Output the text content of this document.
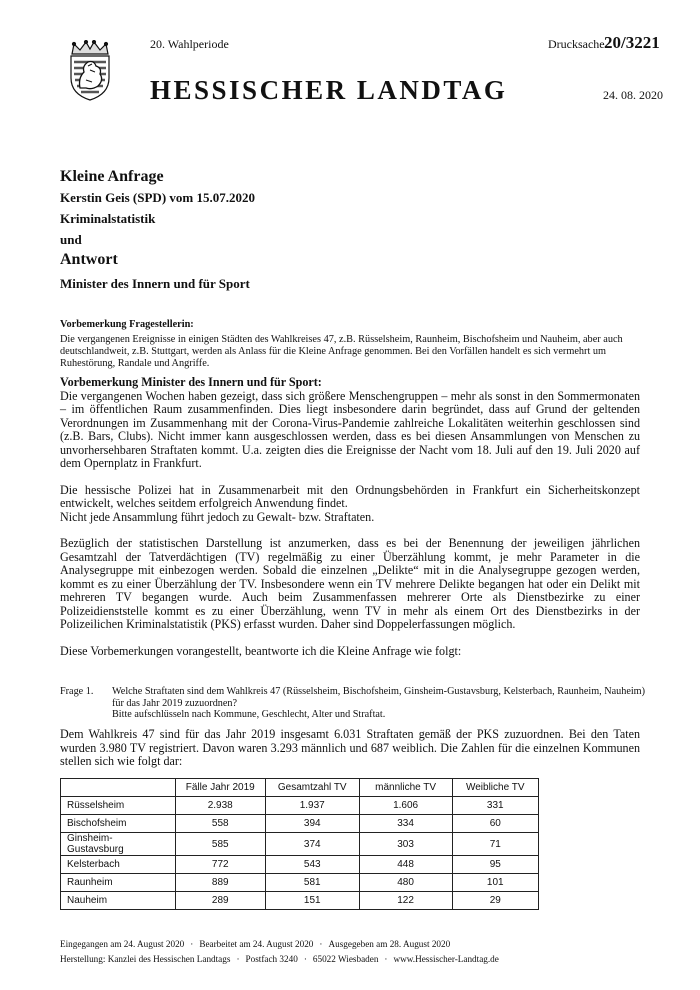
20. Wahlperiode	Drucksache 20/3221
HESSISCHER LANDTAG	24. 08. 2020

Kleine Anfrage

Kerstin Geis (SPD) vom 15.07.2020

Kriminalstatistik

und

Antwort

Minister des Innern und für Sport

Vorbemerkung Fragestellerin:
Die vergangenen Ereignisse in einigen Städten des Wahlkreises 47, z.B. Rüsselsheim, Raunheim, Bischofsheim und Nauheim, aber auch deutschlandweit, z.B. Stuttgart, werden als Anlass für die Kleine Anfrage genommen. Bei den Vorfällen handelt es sich vermehrt um Ruhestörung, Randale und Angriffe.

Vorbemerkung Minister des Innern und für Sport:
Die vergangenen Wochen haben gezeigt, dass sich größere Menschengruppen – mehr als sonst in den Sommermonaten – im öffentlichen Raum zusammenfinden. Dies liegt insbesondere darin begründet, dass auf Grund der geltenden Verordnungen im Zusammenhang mit der Corona-Virus-Pandemie zahlreiche Lokalitäten weiterhin geschlossen sind (z.B. Bars, Clubs). Nicht immer kann ausgeschlossen werden, dass es bei diesen Ansammlungen von Menschen zu unvorhersehbaren Straftaten kommt. U.a. zeigten dies die Ereignisse der Nacht vom 18. Juli auf den 19. Juli 2020 auf dem Opernplatz in Frankfurt.

Die hessische Polizei hat in Zusammenarbeit mit den Ordnungsbehörden in Frankfurt ein Sicherheitskonzept entwickelt, welches seitdem erfolgreich Anwendung findet.
Nicht jede Ansammlung führt jedoch zu Gewalt- bzw. Straftaten.

Bezüglich der statistischen Darstellung ist anzumerken, dass es bei der Benennung der jeweiligen jährlichen Gesamtzahl der Tatverdächtigen (TV) regelmäßig zu einer Überzählung kommt, je mehr Parameter in die Analysegruppe mit einbezogen werden. Sobald die einzelnen „Delikte“ mit in die Analysegruppe gezogen werden, kommt es zu einer Überzählung der TV. Insbesondere wenn ein TV mehrere Delikte begangen hat oder ein Delikt mit mehreren TV begangen wurde. Auch beim Zusammenfassen mehrerer Orte als Dienstbezirke zu einer Polizeidienststelle kommt es zu einer Überzählung, wenn TV in mehr als einem Ort des Dienstbezirks in der Polizeilichen Kriminalstatistik (PKS) erfasst wurden. Daher sind Doppelerfassungen möglich.

Diese Vorbemerkungen vorangestellt, beantworte ich die Kleine Anfrage wie folgt:

Frage 1. Welche Straftaten sind dem Wahlkreis 47 (Rüsselsheim, Bischofsheim, Ginsheim-Gustavsburg, Kelsterbach, Raunheim, Nauheim) für das Jahr 2019 zuzuordnen?
Bitte aufschlüsseln nach Kommune, Geschlecht, Alter und Straftat.
Dem Wahlkreis 47 sind für das Jahr 2019 insgesamt 6.031 Straftaten gemäß der PKS zuzuordnen. Bei den Taten wurden 3.980 TV registriert. Davon waren 3.293 männlich und 687 weiblich. Die Zahlen für die einzelnen Kommunen stellen sich wie folgt dar:
	Fälle Jahr 2019	Gesamtzahl TV	männliche TV	Weibliche TV
Rüsselsheim	2.938	1.937	1.606	331
Bischofsheim	558	394	334	60
Ginsheim-Gustavsburg	585	374	303	71
Kelsterbach	772	543	448	95
Raunheim	889	581	480	101
Nauheim	289	151	122	29
Eingegangen am 24. August 2020 · Bearbeitet am 24. August 2020 · Ausgegeben am 28. August 2020
Herstellung: Kanzlei des Hessischen Landtags · Postfach 3240 · 65022 Wiesbaden · www.Hessischer-Landtag.de
